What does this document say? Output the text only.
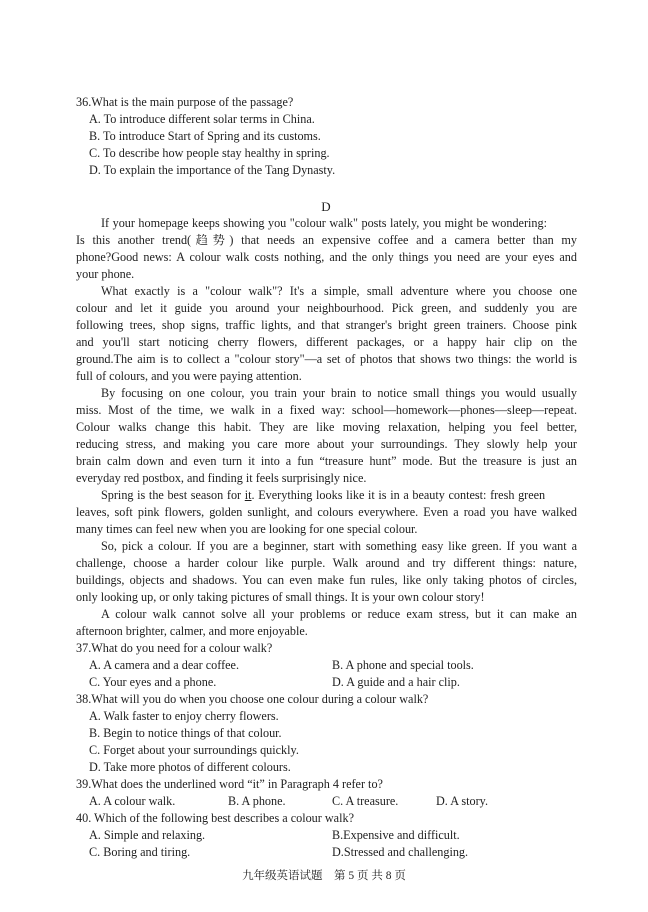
36.What is the main purpose of the passage?
A. To introduce different solar terms in China.
B. To introduce Start of Spring and its customs.
C. To describe how people stay healthy in spring.
D. To explain the importance of the Tang Dynasty.
D
If your homepage keeps showing you "colour walk" posts lately, you might be wondering:
Is this another trend(趋势) that needs an expensive coffee and a camera better than my
phone?Good news: A colour walk costs nothing, and the only things you need are your eyes and
your phone.
What exactly is a "colour walk"? It's a simple, small adventure where you choose one
colour and let it guide you around your neighbourhood. Pick green, and suddenly you are
following trees, shop signs, traffic lights, and that stranger's bright green trainers. Choose pink
and you'll start noticing cherry flowers, different packages, or a happy hair clip on the
ground.The aim is to collect a "colour story"—a set of photos that shows two things: the world is
full of colours, and you were paying attention.
By focusing on one colour, you train your brain to notice small things you would usually
miss. Most of the time, we walk in a fixed way: school—homework—phones—sleep—repeat.
Colour walks change this habit. They are like moving relaxation, helping you feel better,
reducing stress, and making you care more about your surroundings. They slowly help your
brain calm down and even turn it into a fun “treasure hunt” mode. But the treasure is just an
everyday red postbox, and finding it feels surprisingly nice.
Spring is the best season for it. Everything looks like it is in a beauty contest: fresh green
leaves, soft pink flowers, golden sunlight, and colours everywhere. Even a road you have walked
many times can feel new when you are looking for one special colour.
So, pick a colour. If you are a beginner, start with something easy like green. If you want a
challenge, choose a harder colour like purple. Walk around and try different things: nature,
buildings, objects and shadows. You can even make fun rules, like only taking photos of circles,
only looking up, or only taking pictures of small things. It is your own colour story!
A colour walk cannot solve all your problems or reduce exam stress, but it can make an
afternoon brighter, calmer, and more enjoyable.
37.What do you need for a colour walk?
A. A camera and a dear coffee.	B. A phone and special tools.
C. Your eyes and a phone.	D. A guide and a hair clip.
38.What will you do when you choose one colour during a colour walk?
A. Walk faster to enjoy cherry flowers.
B. Begin to notice things of that colour.
C. Forget about your surroundings quickly.
D. Take more photos of different colours.
39.What does the underlined word “it” in Paragraph 4 refer to?
A. A colour walk.	B. A phone.	C. A treasure.	D. A story.
40. Which of the following best describes a colour walk?
A. Simple and relaxing.	B.Expensive and difficult.
C. Boring and tiring.	D.Stressed and challenging.
九年级英语试题　第 5 页 共 8 页
